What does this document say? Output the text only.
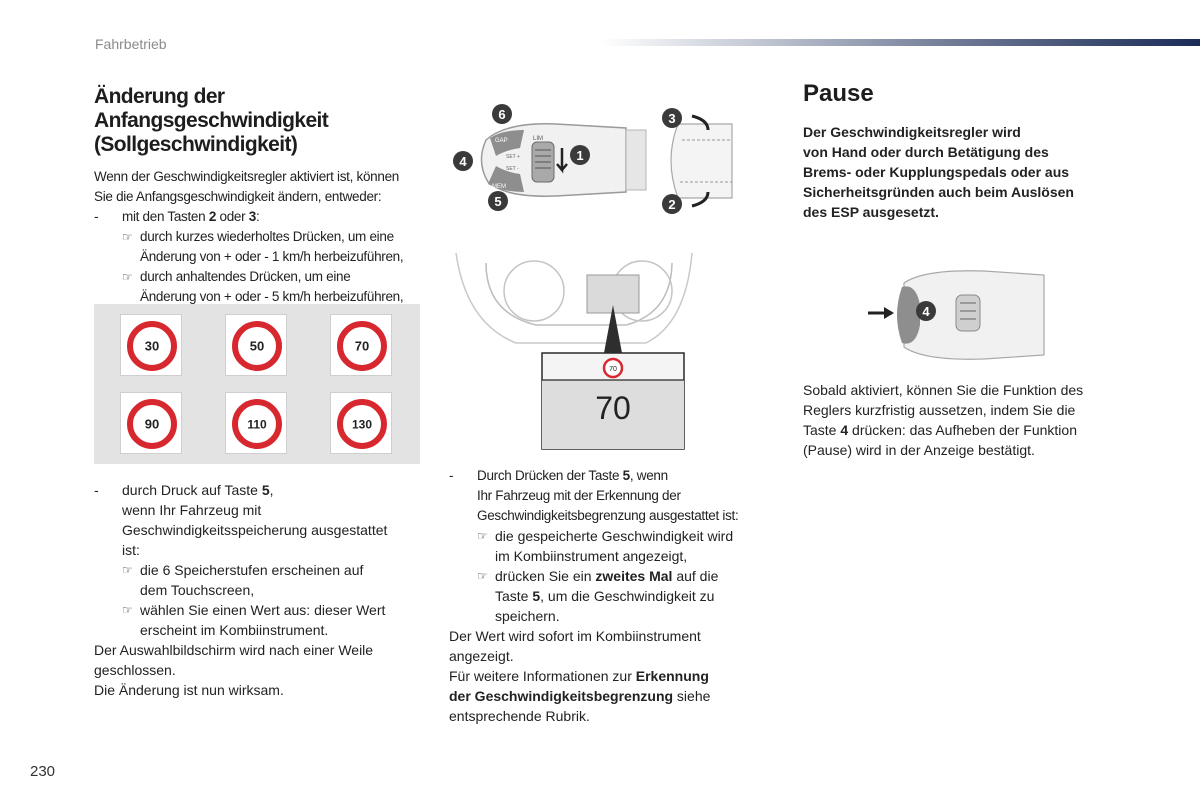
Fahrbetrieb
230
Änderung der Anfangsgeschwindigkeit
(Sollgeschwindigkeit)
Wenn der Geschwindigkeitsregler aktiviert ist, können
Sie die Anfangsgeschwindigkeit ändern, entweder:
-	mit den Tasten 2 oder 3:
☞ durch kurzes wiederholtes Drücken, um eine
Änderung von + oder - 1 km/h herbeizuführen,
☞ durch anhaltendes Drücken, um eine
Änderung von + oder - 5 km/h herbeizuführen,
30	50	70
90	110	130
-	durch Druck auf Taste 5,
wenn Ihr Fahrzeug mit
Geschwindigkeitsspeicherung ausgestattet
ist:
☞ die 6 Speicherstufen erscheinen auf
dem Touchscreen,
☞ wählen Sie einen Wert aus: dieser Wert
erscheint im Kombiinstrument.
Der Auswahlbildschirm wird nach einer Weile
geschlossen.
Die Änderung ist nun wirksam.
GAP	LIM
SET +
SET -
MEM
6
4
5
1
3
2
70
70
-	Durch Drücken der Taste 5, wenn
Ihr Fahrzeug mit der Erkennung der
Geschwindigkeitsbegrenzung ausgestattet ist:
☞ die gespeicherte Geschwindigkeit wird
im Kombiinstrument angezeigt,
☞ drücken Sie ein zweites Mal auf die
Taste 5, um die Geschwindigkeit zu
speichern.
Der Wert wird sofort im Kombiinstrument
angezeigt.
Für weitere Informationen zur Erkennung
der Geschwindigkeitsbegrenzung siehe
entsprechende Rubrik.
Pause
Der Geschwindigkeitsregler wird
von Hand oder durch Betätigung des
Brems- oder Kupplungspedals oder aus
Sicherheitsgründen auch beim Auslösen
des ESP ausgesetzt.
4
Sobald aktiviert, können Sie die Funktion des
Reglers kurzfristig aussetzen, indem Sie die
Taste 4 drücken: das Aufheben der Funktion
(Pause) wird in der Anzeige bestätigt.
